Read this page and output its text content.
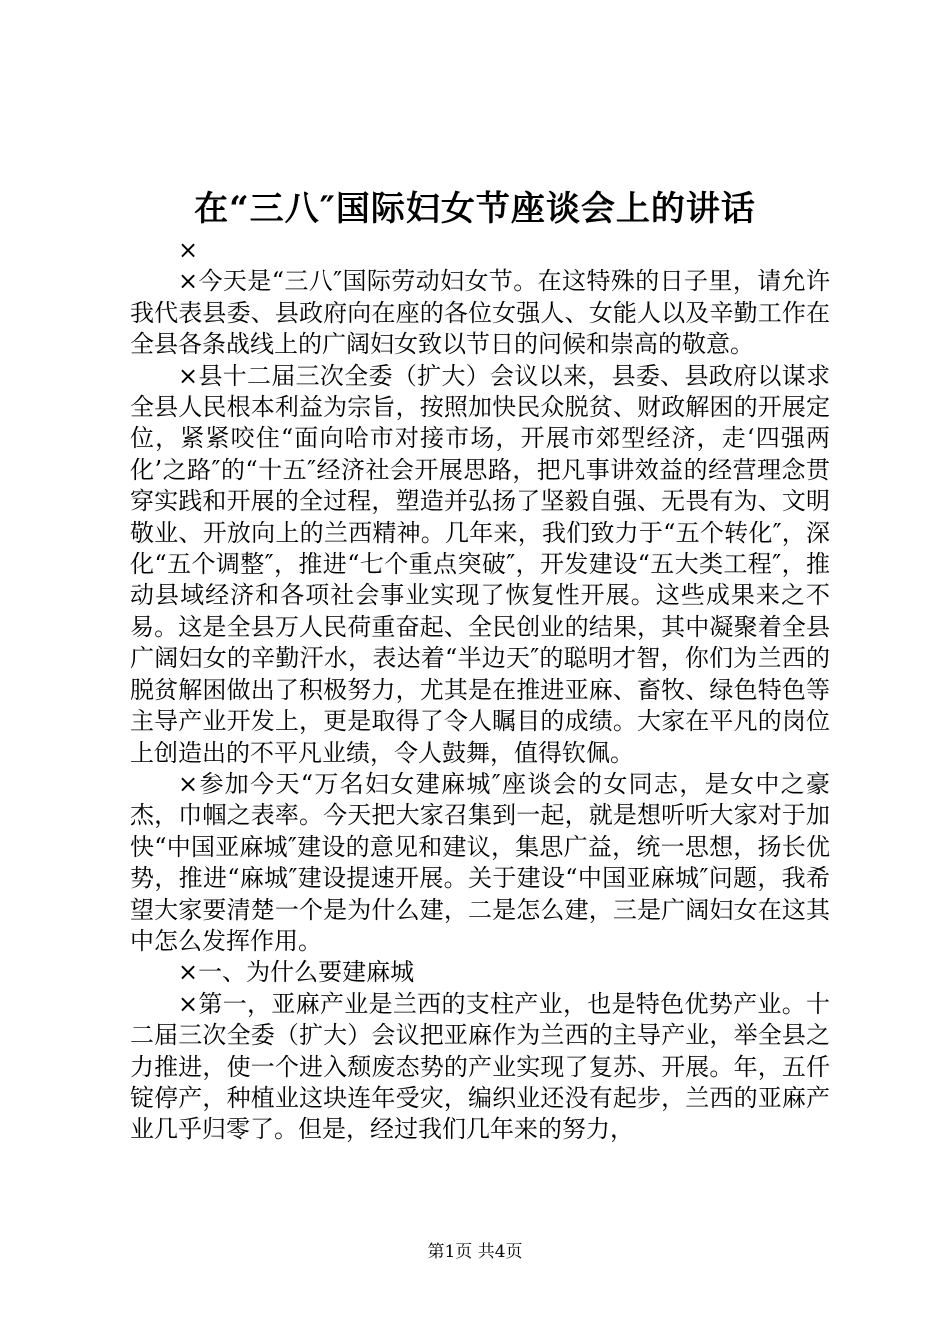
在“三八″国际妇女节座谈会上的讲话

×

×今天是“三八″国际劳动妇女节。在这特殊的日子里，请允许我代表县委、县政府向在座的各位女强人、女能人以及辛勤工作在全县各条战线上的广阔妇女致以节日的问候和崇高的敬意。

×县十二届三次全委（扩大）会议以来，县委、县政府以谋求全县人民根本利益为宗旨，按照加快民众脱贫、财政解困的开展定位，紧紧咬住“面向哈市对接市场，开展市郊型经济，走‘四强两化’之路″的“十五″经济社会开展思路，把凡事讲效益的经营理念贯穿实践和开展的全过程，塑造并弘扬了坚毅自强、无畏有为、文明敬业、开放向上的兰西精神。几年来，我们致力于“五个转化″，深化“五个调整″，推进“七个重点突破″，开发建设“五大类工程″，推动县域经济和各项社会事业实现了恢复性开展。这些成果来之不易。这是全县万人民荷重奋起、全民创业的结果，其中凝聚着全县广阔妇女的辛勤汗水，表达着“半边天″的聪明才智，你们为兰西的脱贫解困做出了积极努力，尤其是在推进亚麻、畜牧、绿色特色等主导产业开发上，更是取得了令人瞩目的成绩。大家在平凡的岗位上创造出的不平凡业绩，令人鼓舞，值得钦佩。

×参加今天“万名妇女建麻城″座谈会的女同志，是女中之豪杰，巾帼之表率。今天把大家召集到一起，就是想听听大家对于加快“中国亚麻城″建设的意见和建议，集思广益，统一思想，扬长优势，推进“麻城″建设提速开展。关于建设“中国亚麻城″问题，我希望大家要清楚一个是为什么建，二是怎么建，三是广阔妇女在这其中怎么发挥作用。

×一、为什么要建麻城

×第一，亚麻产业是兰西的支柱产业，也是特色优势产业。十二届三次全委（扩大）会议把亚麻作为兰西的主导产业，举全县之力推进，使一个进入颓废态势的产业实现了复苏、开展。年，五仟锭停产，种植业这块连年受灾，编织业还没有起步，兰西的亚麻产业几乎归零了。但是，经过我们几年来的努力，

第1页 共4页
